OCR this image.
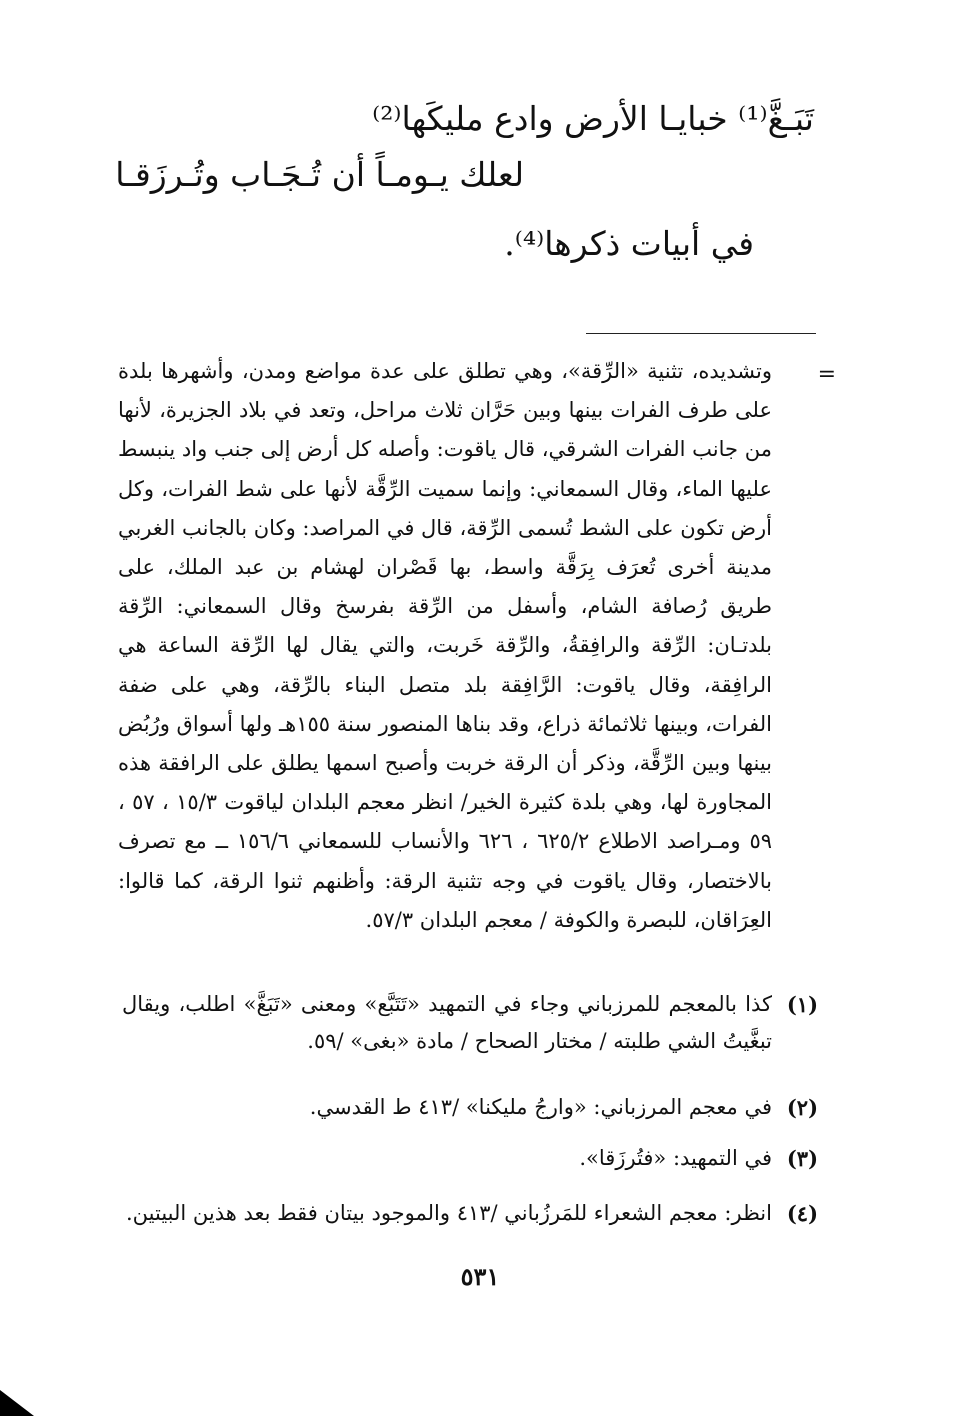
تَبَـغَّ⁽¹⁾ خبايـا الأرض وادع مليكَها⁽²⁾
لعلك يـومـاً أن تُـجَـاب وتُـرزَقـا
في أبيات ذكرها⁽⁴⁾.
=
وتشديده، تثنية «الرِّقة»، وهي تطلق على عدة مواضع ومدن، وأشهرها بلدة على طرف الفرات بينها وبين حَرَّان ثلاث مراحل، وتعد في بلاد الجزيرة، لأنها من جانب الفرات الشرقي، قال ياقوت: وأصله كل أرض إلى جنب واد ينبسط عليها الماء، وقال السمعاني: وإنما سميت الرِّقَّة لأنها على شط الفرات، وكل أرض تكون على الشط تُسمى الرِّقة، قال في المراصد: وكان بالجانب الغربي مدينة أخرى تُعرَف بِرَقَّة واسط، بها قَصْران لهشام بن عبد الملك، على طريق رُصافة الشام، وأسفل من الرِّقة بفرسخ وقال السمعاني: الرِّقة بلدتـان: الرِّقة والرافِقةُ، والرِّقة خَربت، والتي يقال لها الرِّقة الساعة هي الرافِقة، وقال ياقوت: الرَّافِقة بلد متصل البناء بالرِّقة، وهي على ضفة الفرات، وبينها ثلاثمائة ذراع، وقد بناها المنصور سنة ١٥٥هـ ولها أسواق ورُبُض بينها وبين الرِّقَّة، وذكر أن الرقة خربت وأصبح اسمها يطلق على الرافقة هذه المجاورة لها، وهي بلدة كثيرة الخير/ انظر معجم البلدان لياقوت ١٥/٣ ، ٥٧ ، ٥٩ ومـراصد الاطلاع ٦٢٥/٢ ، ٦٢٦ والأنساب للسمعاني ١٥٦/٦ ــ مع تصرف بالاختصار، وقال ياقوت في وجه تثنية الرقة: وأظنهم ثنوا الرقة، كما قالوا: العِرَاقان، للبصرة والكوفة / معجم البلدان ٥٧/٣.
(١)كذا بالمعجم للمرزباني وجاء في التمهيد «تَتَبَّع» ومعنى «تَبَغَّ» اطلب، ويقال تبغَّيتُ الشي طلبته / مختار الصحاح / مادة «بغى» /٥٩.
(٢)في معجم المرزباني: «وارجُ مليكنا» /٤١٣ ط القدسي.
(٣)في التمهيد: «فتُرزَقا».
(٤)انظر: معجم الشعراء للمَرزُباني /٤١٣ والموجود بيتان فقط بعد هذين البيتين.
٥٣١
